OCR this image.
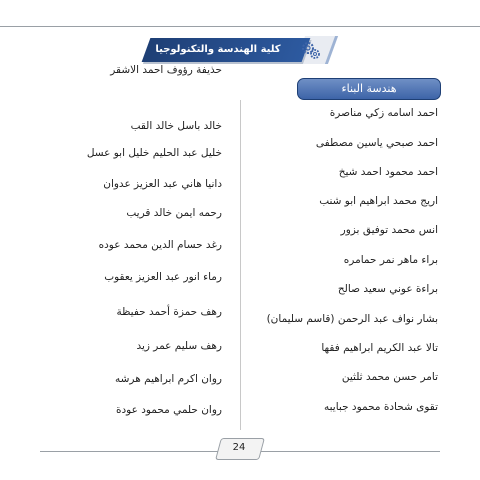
كلية الهندسة والتكنولوجيا
هندسة البناء
احمد اسامه زكي مناصرة
احمد صبحي ياسين مصطفى
احمد محمود احمد شيخ
اريج محمد ابراهيم ابو شنب
انس محمد توفيق بزور
براء ماهر نمر حمامره
براءة عوني سعيد صالح
بشار نواف عبد الرحمن (قاسم سليمان)
تالا عبد الكريم ابراهيم فقها
تامر حسن محمد ثلثين
تقوى شحادة محمود جبايبه
حذيفة رؤوف احمد الاشقر
خالد باسل خالد القب
خليل عبد الحليم خليل ابو عسل
دانيا هاني عبد العزيز عدوان
رحمه ايمن خالد قريب
رغد حسام الدين محمد عوده
رماء انور عبد العزيز يعقوب
رهف حمزة أحمد حفيظة
رهف سليم عمر زيد
روان اكرم ابراهيم هرشه
روان حلمي محمود عودة
24
